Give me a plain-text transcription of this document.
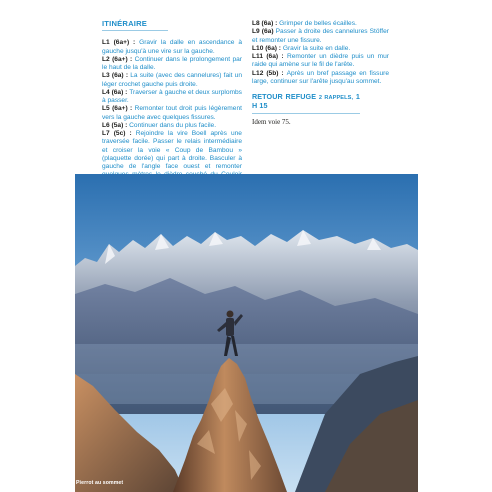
ITINÉRAIRE

L1 (6a+) : Gravir la dalle en ascendance à gauche jusqu'à une vire sur la gauche.

L2 (6a+) : Continuer dans le prolongement par le haut de la dalle.

L3 (6a) : La suite (avec des cannelures) fait un léger crochet gauche puis droite.

L4 (6a) : Traverser à gauche et deux surplombs à passer.

L5 (6a+) : Remonter tout droit puis légèrement vers la gauche avec quelques fissures.

L6 (5a) : Continuer dans du plus facile.

L7 (5c) : Rejoindre la vire Boell après une traversée facile. Passer le relais intermédiaire et croiser la voie « Coup de Bambou » (plaquette dorée) qui part à droite. Basculer à gauche de l'angle face ouest et remonter

L8 (6a) : Grimper de belles écailles.

L9 (6a) Passer à droite des cannelures Stöffer et remonter une fissure.

L10 (6a) : Gravir la suite en dalle.

L11 (6a) : Remonter un dièdre puis un mur raide qui amène sur le fil de l'arête.

L12 (5b) : Après un bref passage en fissure large, continuer sur l'arête jusqu'au sommet.

RETOUR REFUGE 2 RAPPELS, 1 H 15
Idem voie 75.
Pierrot au sommet
